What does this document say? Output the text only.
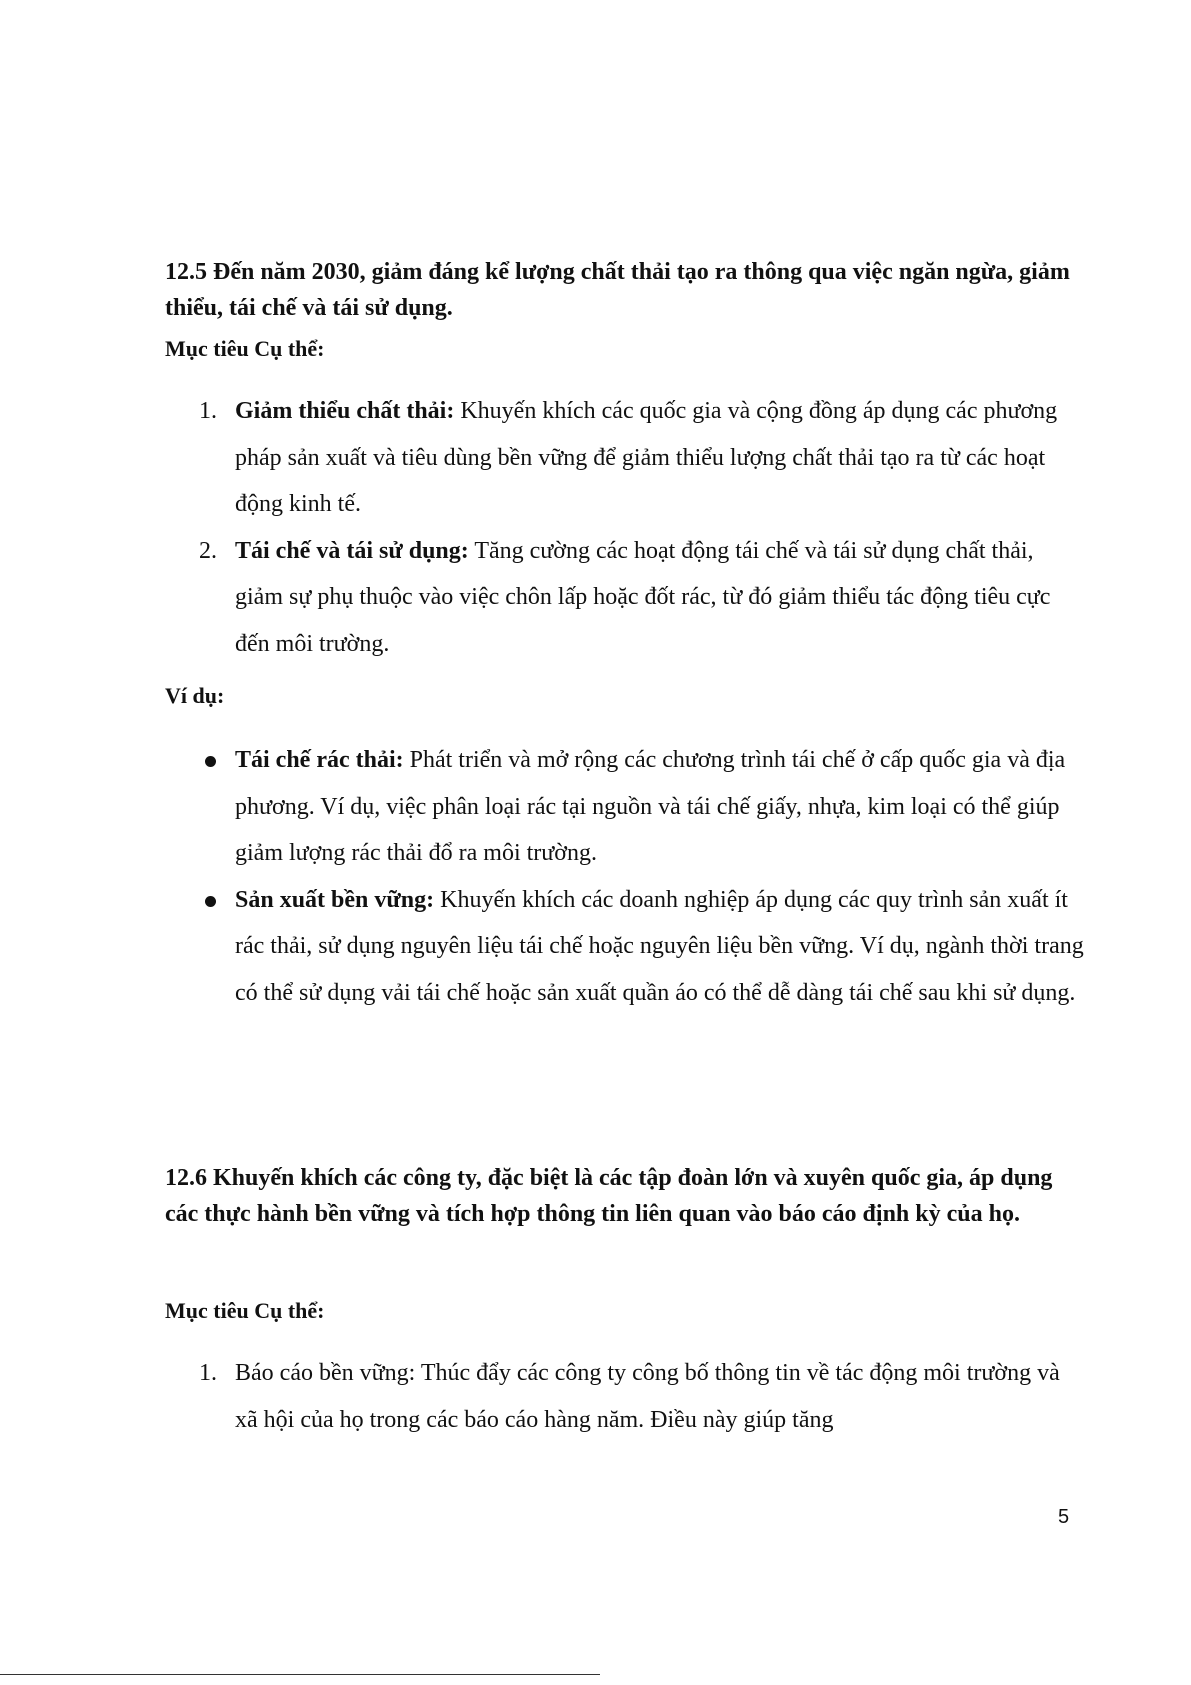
12.5 Đến năm 2030, giảm đáng kể lượng chất thải tạo ra thông qua việc ngăn ngừa, giảm thiểu, tái chế và tái sử dụng.
Mục tiêu Cụ thể:
1. Giảm thiểu chất thải: Khuyến khích các quốc gia và cộng đồng áp dụng các phương pháp sản xuất và tiêu dùng bền vững để giảm thiểu lượng chất thải tạo ra từ các hoạt động kinh tế.
2. Tái chế và tái sử dụng: Tăng cường các hoạt động tái chế và tái sử dụng chất thải, giảm sự phụ thuộc vào việc chôn lấp hoặc đốt rác, từ đó giảm thiểu tác động tiêu cực đến môi trường.
Ví dụ:
Tái chế rác thải: Phát triển và mở rộng các chương trình tái chế ở cấp quốc gia và địa phương. Ví dụ, việc phân loại rác tại nguồn và tái chế giấy, nhựa, kim loại có thể giúp giảm lượng rác thải đổ ra môi trường.
Sản xuất bền vững: Khuyến khích các doanh nghiệp áp dụng các quy trình sản xuất ít rác thải, sử dụng nguyên liệu tái chế hoặc nguyên liệu bền vững. Ví dụ, ngành thời trang có thể sử dụng vải tái chế hoặc sản xuất quần áo có thể dễ dàng tái chế sau khi sử dụng.
12.6 Khuyến khích các công ty, đặc biệt là các tập đoàn lớn và xuyên quốc gia, áp dụng các thực hành bền vững và tích hợp thông tin liên quan vào báo cáo định kỳ của họ.
Mục tiêu Cụ thể:
1. Báo cáo bền vững: Thúc đẩy các công ty công bố thông tin về tác động môi trường và xã hội của họ trong các báo cáo hàng năm. Điều này giúp tăng
5
